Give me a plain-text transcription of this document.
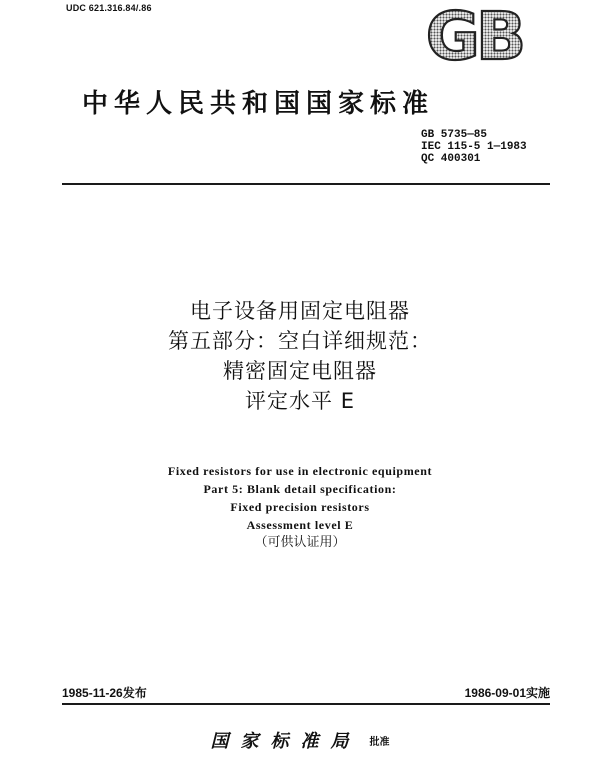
UDC 621.316.84/.86	GB
中华人民共和国国家标准
GB 5735—85
IEC 115-5 1—1983
QC 400301
电子设备用固定电阻器
第五部分：空白详细规范：
精密固定电阻器
评定水平 E
Fixed resistors for use in electronic equipment
Part 5: Blank detail specification:
Fixed precision resistors
Assessment level E
（可供认证用）
1985-11-26发布	1986-09-01实施
国家标准局 批准
